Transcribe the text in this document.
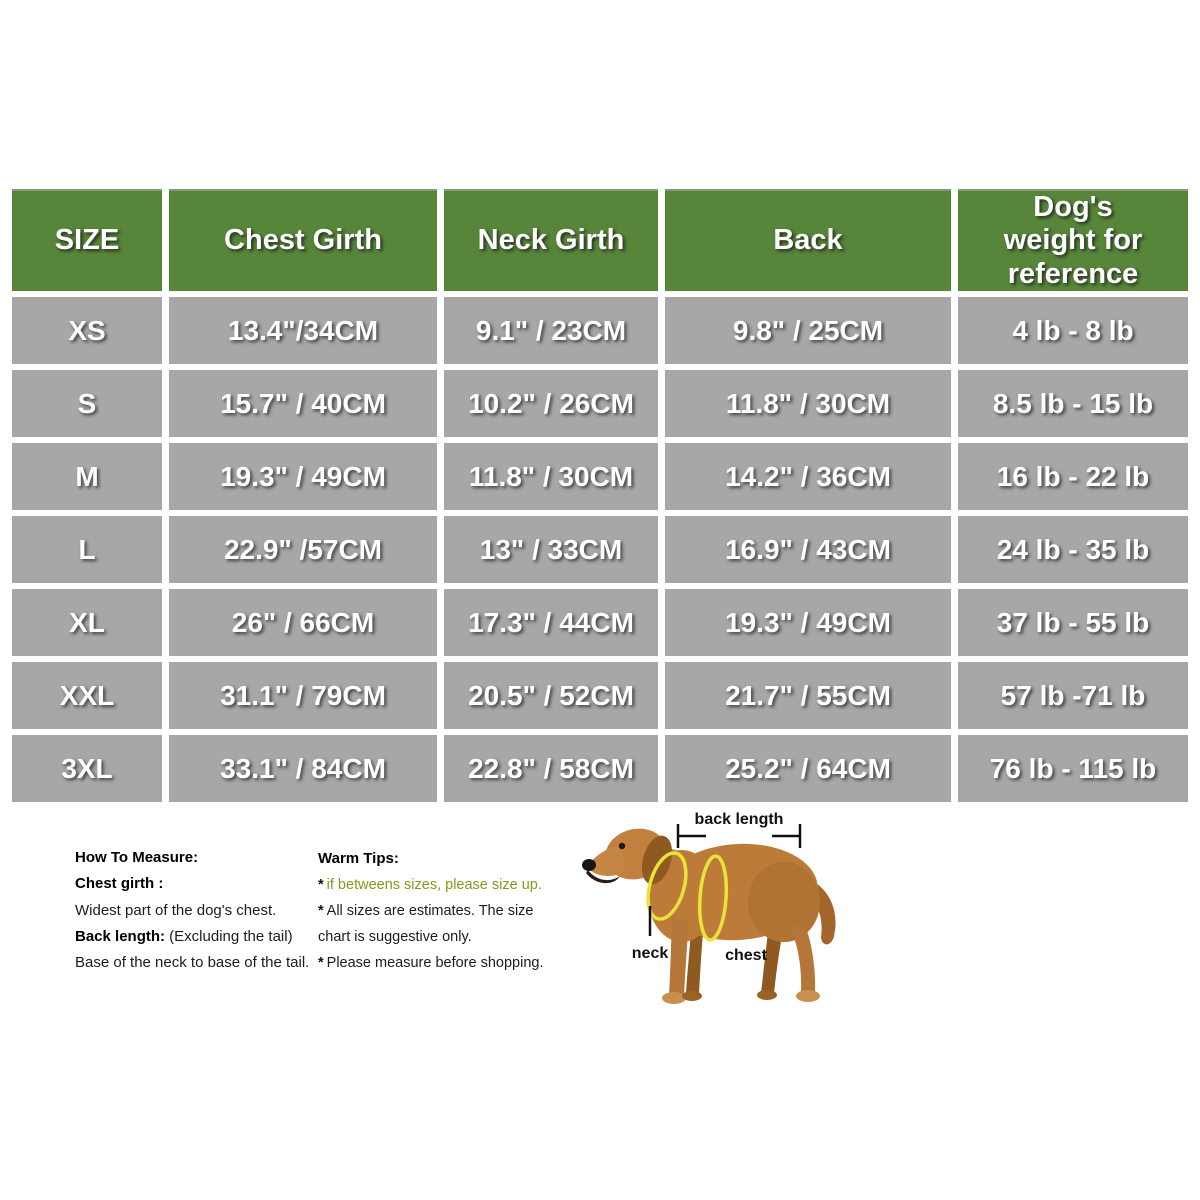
SIZE	Chest Girth	Neck Girth	Back	Dog's weight for reference
XS	13.4"/34CM	9.1" / 23CM	9.8" / 25CM	4 lb - 8 lb
S	15.7" / 40CM	10.2" / 26CM	11.8" / 30CM	8.5 lb - 15 lb
M	19.3" / 49CM	11.8" / 30CM	14.2" / 36CM	16 lb - 22 lb
L	22.9" /57CM	13" / 33CM	16.9" / 43CM	24 lb - 35 lb
XL	26" / 66CM	17.3" / 44CM	19.3" / 49CM	37 lb - 55 lb
XXL	31.1" / 79CM	20.5" / 52CM	21.7" / 55CM	57 lb -71 lb
3XL	33.1" / 84CM	22.8" / 58CM	25.2" / 64CM	76 lb - 115 lb
How To Measure:
Chest girth :
Widest part of the dog's chest.
Back length: (Excluding the tail)
Base of the neck to base of the tail.
Warm Tips:
* if betweens sizes, please size up.
* All sizes are estimates. The size chart is suggestive only.
* Please measure before shopping.
back length
neck	chest
